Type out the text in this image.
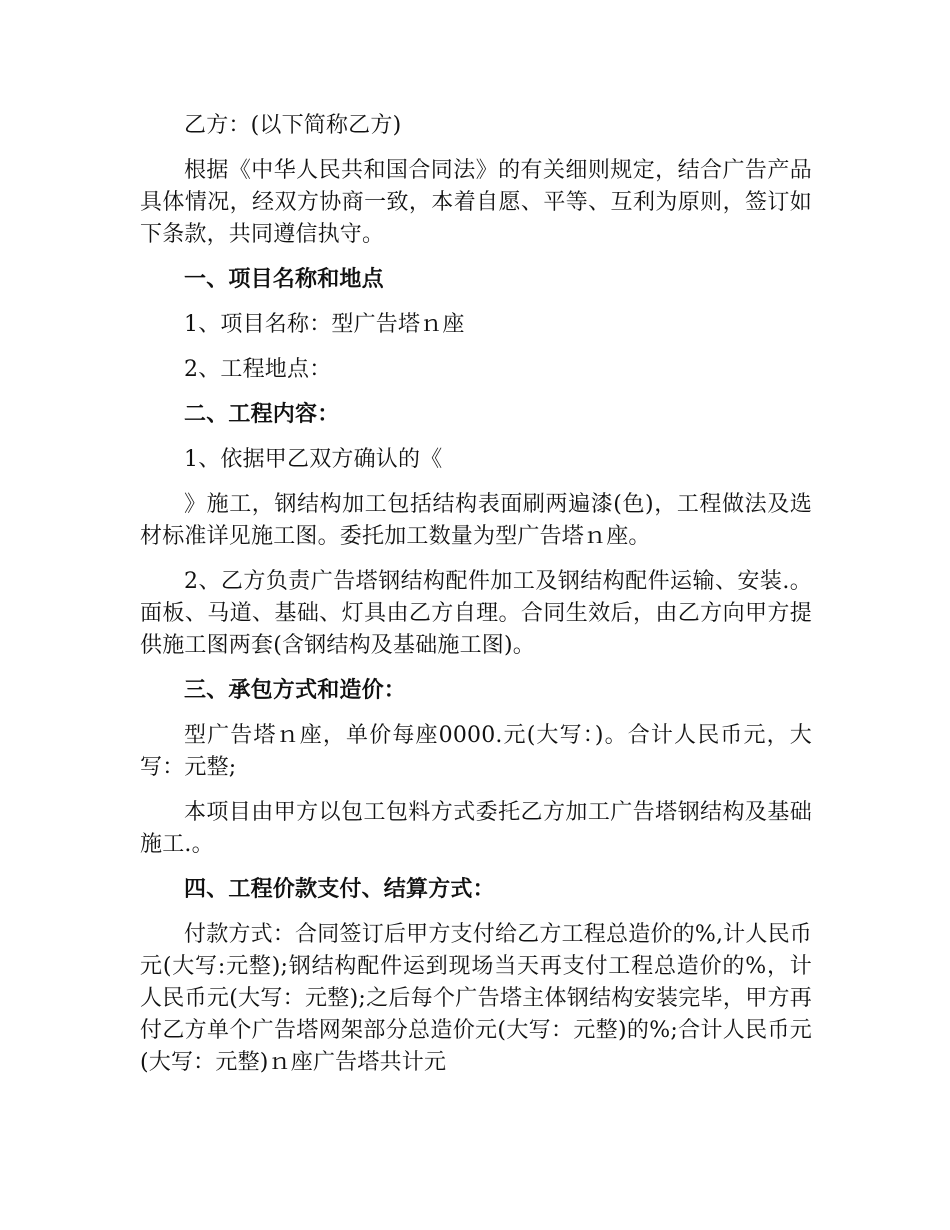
乙方：(以下简称乙方)

根据《中华人民共和国合同法》的有关细则规定，结合广告产品具体情况，经双方协商一致，本着自愿、平等、互利为原则，签订如下条款，共同遵信执守。

一、项目名称和地点

1、项目名称：型广告塔ｎ座

2、工程地点：

二、工程内容：

1、依据甲乙双方确认的《

》施工，钢结构加工包括结构表面刷两遍漆(色)，工程做法及选材标准详见施工图。委托加工数量为型广告塔ｎ座。

2、乙方负责广告塔钢结构配件加工及钢结构配件运输、安装.。面板、马道、基础、灯具由乙方自理。合同生效后，由乙方向甲方提供施工图两套(含钢结构及基础施工图)。

三、承包方式和造价：

型广告塔ｎ座，单价每座0000.元(大写：)。合计人民币元，大写：元整;

本项目由甲方以包工包料方式委托乙方加工广告塔钢结构及基础施工.。

四、工程价款支付、结算方式：

付款方式：合同签订后甲方支付给乙方工程总造价的%,计人民币元(大写:元整);钢结构配件运到现场当天再支付工程总造价的%，计人民币元(大写：元整);之后每个广告塔主体钢结构安装完毕，甲方再付乙方单个广告塔网架部分总造价元(大写：元整)的%;合计人民币元(大写：元整)ｎ座广告塔共计元
